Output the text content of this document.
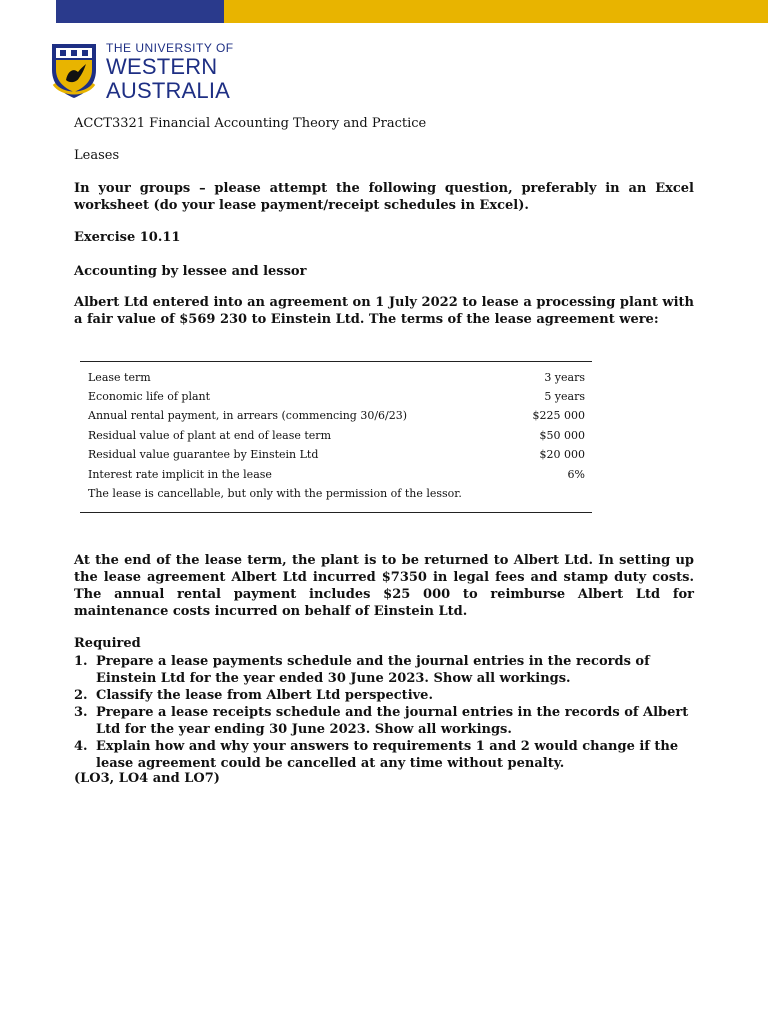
THE UNIVERSITY OF
WESTERN
AUSTRALIA
ACCT3321 Financial Accounting Theory and Practice
Leases
In your groups – please attempt the following question, preferably in an Excel worksheet (do your lease payment/receipt schedules in Excel).
Exercise 10.11
Accounting by lessee and lessor
Albert Ltd entered into an agreement on 1 July 2022 to lease a processing plant with a fair value of $569 230 to Einstein Ltd. The terms of the lease agreement were:
Lease term	3 years
Economic life of plant	5 years
Annual rental payment, in arrears (commencing 30/6/23)	$225 000
Residual value of plant at end of lease term	$50 000
Residual value guarantee by Einstein Ltd	$20 000
Interest rate implicit in the lease	6%
The lease is cancellable, but only with the permission of the lessor.
At the end of the lease term, the plant is to be returned to Albert Ltd. In setting up the lease agreement Albert Ltd incurred $7350 in legal fees and stamp duty costs. The annual rental payment includes $25 000 to reimburse Albert Ltd for maintenance costs incurred on behalf of Einstein Ltd.
Required
1. Prepare a lease payments schedule and the journal entries in the records of Einstein Ltd for the year ended 30 June 2023. Show all workings.
2. Classify the lease from Albert Ltd perspective.
3. Prepare a lease receipts schedule and the journal entries in the records of Albert Ltd for the year ending 30 June 2023. Show all workings.
4. Explain how and why your answers to requirements 1 and 2 would change if the lease agreement could be cancelled at any time without penalty.
(LO3, LO4 and LO7)
